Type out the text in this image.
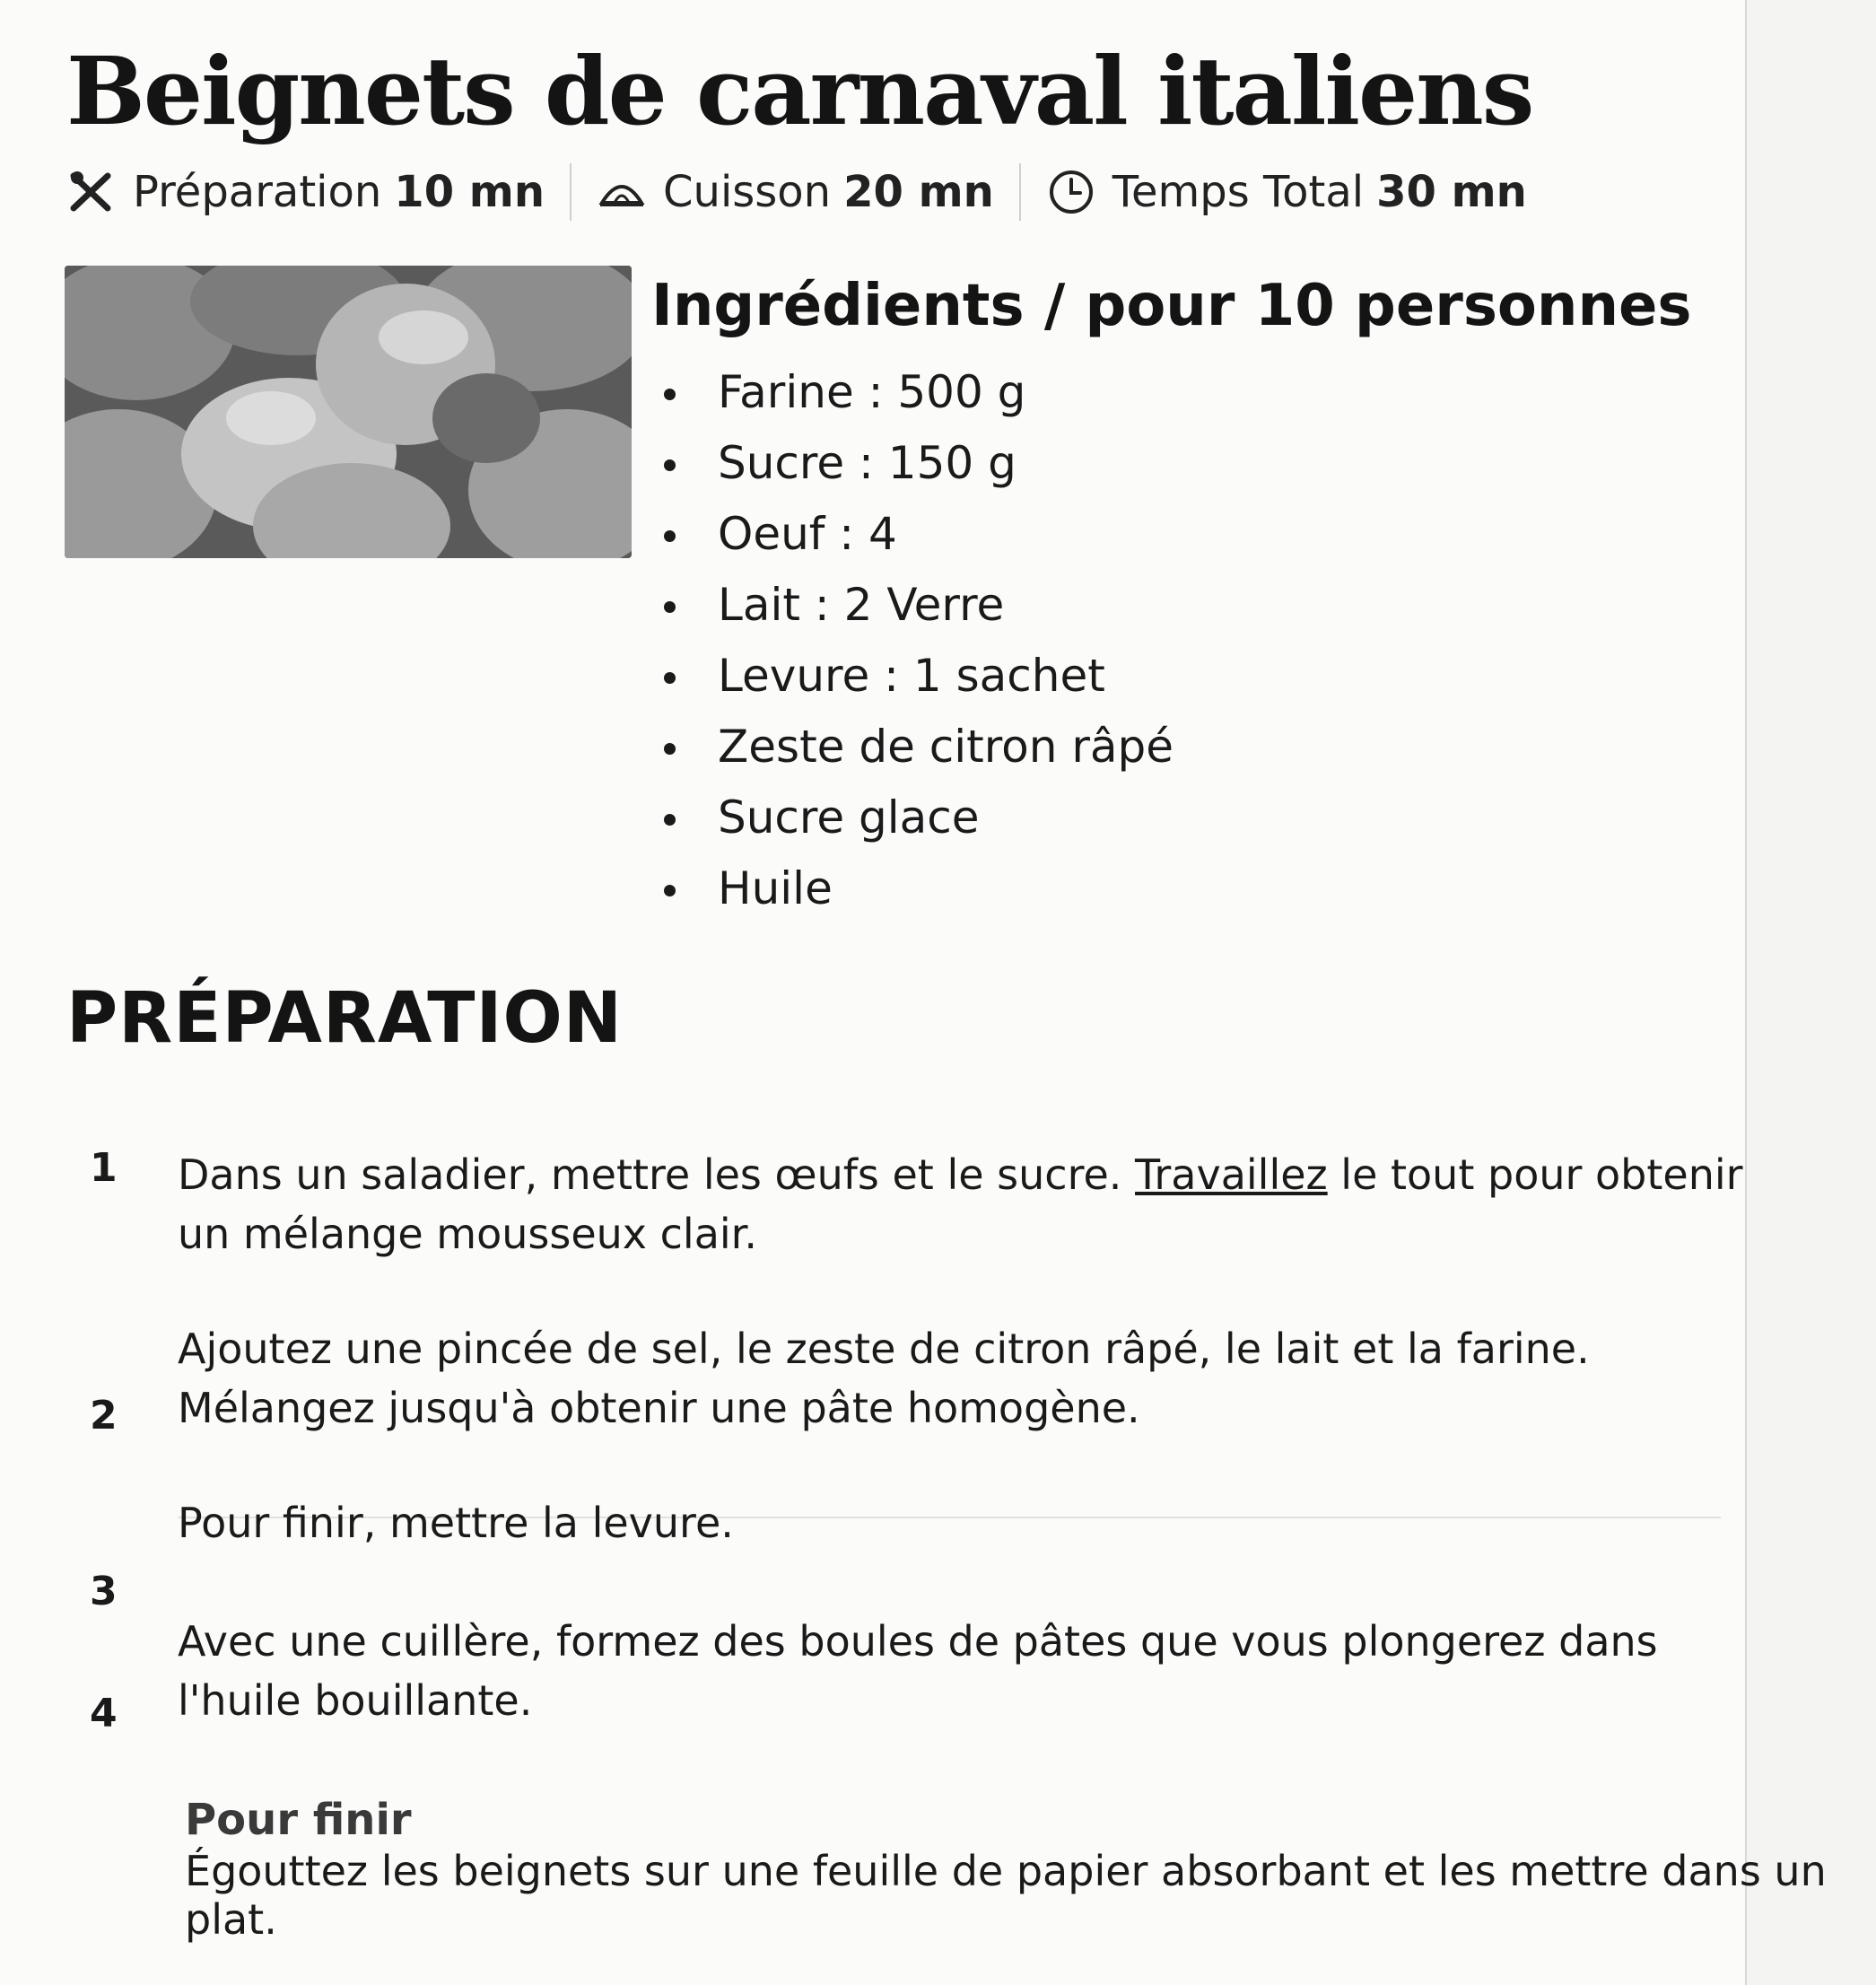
Beignets de carnaval italiens
Préparation 10 mn	Cuisson 20 mn	Temps Total 30 mn
Ingrédients / pour 10 personnes
Farine : 500 g
Sucre : 150 g
Oeuf : 4
Lait : 2 Verre
Levure : 1 sachet
Zeste de citron râpé
Sucre glace
Huile
PRÉPARATION
1 Dans un saladier, mettre les œufs et le sucre. Travaillez le tout pour obtenir un mélange mousseux clair.
2
Ajoutez une pincée de sel, le zeste de citron râpé, le lait et la farine. Mélangez jusqu'à obtenir une pâte homogène.
3
Pour finir, mettre la levure.
4
Avec une cuillère, formez des boules de pâtes que vous plongerez dans l'huile bouillante.
Pour finir
Égouttez les beignets sur une feuille de papier absorbant et les mettre dans un plat.
